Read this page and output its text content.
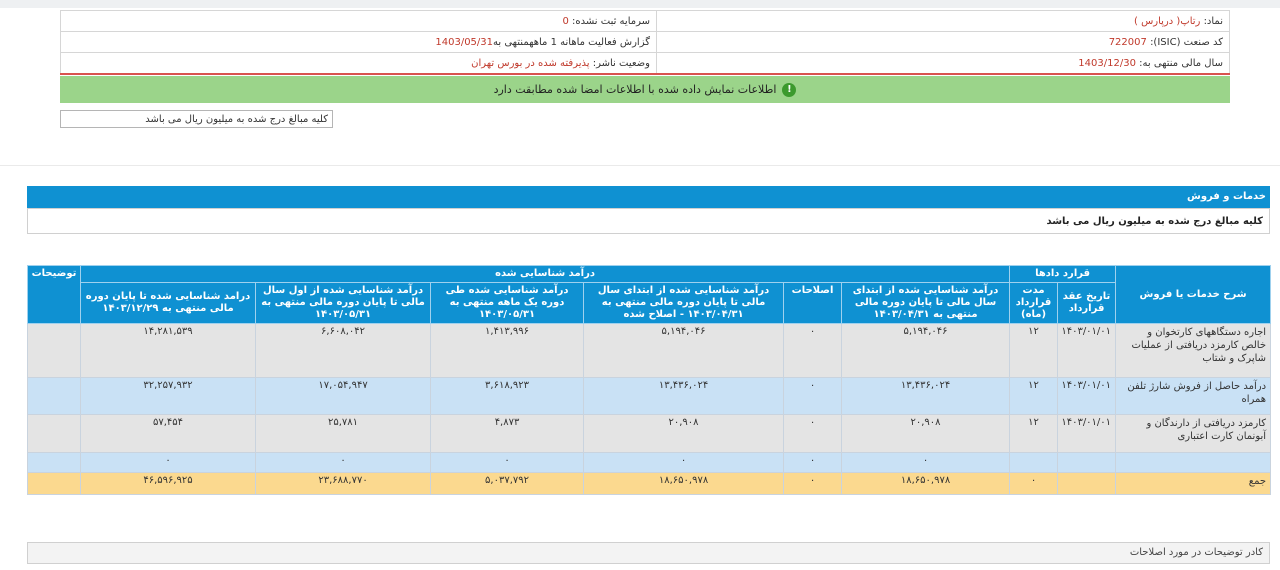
نماد: رتاپ( درپارس )	سرمایه ثبت نشده: 0
کد صنعت (ISIC): 722007	گزارش فعالیت ماهانه 1 ماههمنتهی به1403/05/31
سال مالی منتهی به: 1403/12/30	وضعیت ناشر: پذیرفته شده در بورس تهران
!
اطلاعات نمایش داده شده با اطلاعات امضا شده مطابقت دارد
کلیه مبالغ درج شده به میلیون ریال می باشد
خدمات و فروش
کلیه مبالغ درج شده به میلیون ریال می باشد
شرح خدمات یا فروش	قرارد دادها		درآمد شناسایی شده						توضیحات
	تاریخ عقد قرارداد	مدت قرارداد (ماه)	درآمد شناسایی شده از ابتدای سال مالی تا پایان دوره مالی منتهی به ۱۴۰۳/۰۴/۳۱	اصلاحات	درآمد شناسایی شده از ابتدای سال مالی تا پایان دوره مالی منتهی به ۱۴۰۳/۰۴/۳۱ - اصلاح شده	درآمد شناسایی شده طی دوره یک ماهه منتهی به ۱۴۰۳/۰۵/۳۱	درآمد شناسایی شده از اول سال مالی تا پایان دوره مالی منتهی به ۱۴۰۳/۰۵/۳۱	درامد شناسایی شده تا پایان دوره مالی منتهی به ۱۴۰۳/۱۲/۲۹	
اجاره دستگاههای کارتخوان و خالص کارمزد دریافتی از عملیات شاپرک و شتاب	۱۴۰۳/۰۱/۰۱	۱۲	۵,۱۹۴,۰۴۶	۰	۵,۱۹۴,۰۴۶	۱,۴۱۳,۹۹۶	۶,۶۰۸,۰۴۲	۱۴,۲۸۱,۵۳۹	
درآمد حاصل از فروش شارژ تلفن همراه	۱۴۰۳/۰۱/۰۱	۱۲	۱۳,۴۳۶,۰۲۴	۰	۱۳,۴۳۶,۰۲۴	۳,۶۱۸,۹۲۳	۱۷,۰۵۴,۹۴۷	۳۲,۲۵۷,۹۳۲	
کارمزد دریافتی از دارندگان و آبونمان کارت اعتباری	۱۴۰۳/۰۱/۰۱	۱۲	۲۰,۹۰۸	۰	۲۰,۹۰۸	۴,۸۷۳	۲۵,۷۸۱	۵۷,۴۵۴	
			۰	۰	۰	۰	۰	۰	
جمع		۰	۱۸,۶۵۰,۹۷۸	۰	۱۸,۶۵۰,۹۷۸	۵,۰۳۷,۷۹۲	۲۳,۶۸۸,۷۷۰	۴۶,۵۹۶,۹۲۵	
کادر توضیحات در مورد اصلاحات
